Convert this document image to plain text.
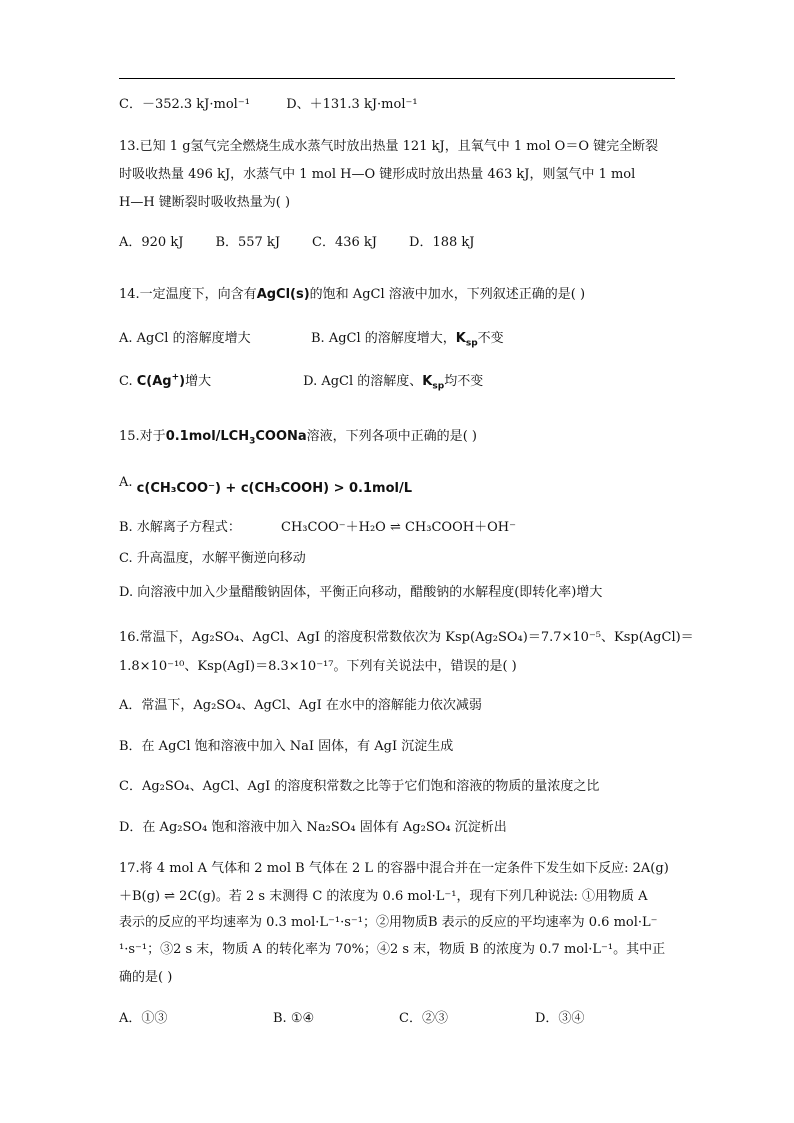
C．－352.3 kJ·mol⁻¹	D、＋131.3 kJ·mol⁻¹
13.已知 1 g氢气完全燃烧生成水蒸气时放出热量 121 kJ，且氧气中 1 mol O＝O 键完全断裂
时吸收热量 496 kJ，水蒸气中 1 mol H—O 键形成时放出热量 463 kJ，则氢气中 1 mol
H—H 键断裂时吸收热量为( )
A．920 kJ B．557 kJ C．436 kJ D．188 kJ
14.一定温度下，向含有AgCl(s)的饱和 AgCl 溶液中加水，下列叙述正确的是( )
A. AgCl 的溶解度增大	B. AgCl 的溶解度增大，$K_{sp}$不变
C. C(Ag+)增大	D. AgCl 的溶解度、$K_{sp}$均不变
15.对于$0.1mol/LCH_3COONa$溶液，下列各项中正确的是( )
A. c(CH₃COO⁻) + c(CH₃COOH) > 0.1mol/L
B. 水解离子方程式：	CH₃COO⁻＋H₂O ⇌ CH₃COOH＋OH⁻
C. 升高温度，水解平衡逆向移动
D. 向溶液中加入少量醋酸钠固体，平衡正向移动，醋酸钠的水解程度(即转化率)增大
16.常温下，Ag₂SO₄、AgCl、AgI 的溶度积常数依次为 Ksp(Ag₂SO₄)＝7.7×10⁻⁵、Ksp(AgCl)＝
1.8×10⁻¹⁰、Ksp(AgI)＝8.3×10⁻¹⁷。下列有关说法中，错误的是( )
A．常温下，Ag₂SO₄、AgCl、AgI 在水中的溶解能力依次减弱
B．在 AgCl 饱和溶液中加入 NaI 固体，有 AgI 沉淀生成
C．Ag₂SO₄、AgCl、AgI 的溶度积常数之比等于它们饱和溶液的物质的量浓度之比
D．在 Ag₂SO₄ 饱和溶液中加入 Na₂SO₄ 固体有 Ag₂SO₄ 沉淀析出
17.将 4 mol A 气体和 2 mol B 气体在 2 L 的容器中混合并在一定条件下发生如下反应: 2A(g)
＋B(g) ⇌ 2C(g)。若 2 s 末测得 C 的浓度为 0.6 mol·L⁻¹，现有下列几种说法: ①用物质 A
表示的反应的平均速率为 0.3 mol·L⁻¹·s⁻¹；②用物质B 表示的反应的平均速率为 0.6 mol·L⁻
¹·s⁻¹；③2 s 末，物质 A 的转化率为 70%；④2 s 末，物质 B 的浓度为 0.7 mol·L⁻¹。其中正
确的是( )
A．①③	B. ①④	C．②③	D．③④
